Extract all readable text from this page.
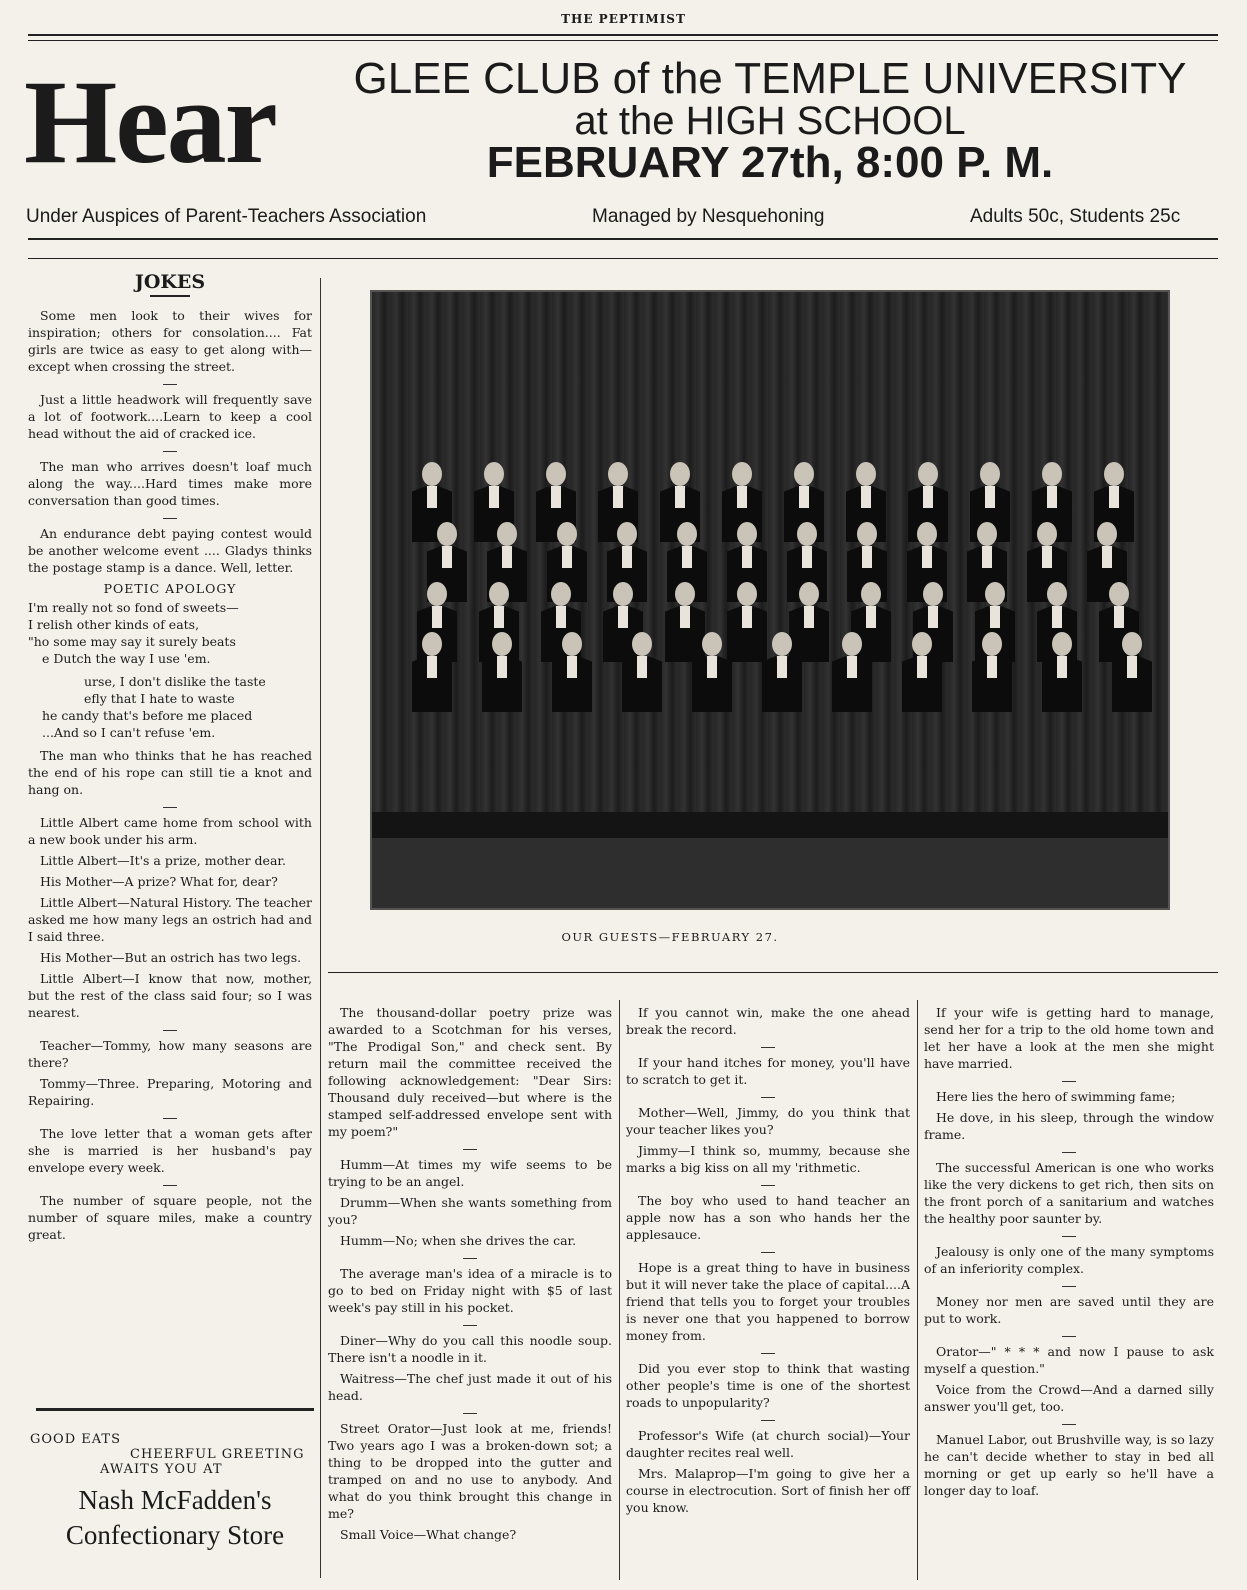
THE PEPTIMIST
Hear	GLEE CLUB of the TEMPLE UNIVERSITY
at the HIGH SCHOOL
FEBRUARY 27th, 8:00 P. M.
Under Auspices of Parent-Teachers Association	Managed by Nesquehoning	Adults 50c, Students 25c
JOKES

Some men look to their wives for inspiration; others for consolation.... Fat girls are twice as easy to get along with—except when crossing the street.

Just a little headwork will frequently save a lot of footwork....Learn to keep a cool head without the aid of cracked ice.

The man who arrives doesn't loaf much along the way....Hard times make more conversation than good times.

An endurance debt paying contest would be another welcome event .... Gladys thinks the postage stamp is a dance. Well, letter.

POETIC APOLOGY
I'm really not so fond of sweets—
I relish other kinds of eats,
"ho some may say it surely beats
e Dutch the way I use 'em.
urse, I don't dislike the taste
efly that I hate to waste
he candy that's before me placed
...And so I can't refuse 'em.

The man who thinks that he has reached the end of his rope can still tie a knot and hang on.

Little Albert came home from school with a new book under his arm.

Little Albert—It's a prize, mother dear.

His Mother—A prize? What for, dear?

Little Albert—Natural History. The teacher asked me how many legs an ostrich had and I said three.

His Mother—But an ostrich has two legs.

Little Albert—I know that now, mother, but the rest of the class said four; so I was nearest.

Teacher—Tommy, how many seasons are there?

Tommy—Three. Preparing, Motoring and Repairing.

The love letter that a woman gets after she is married is her husband's pay envelope every week.

The number of square people, not the number of square miles, make a country great.

GOOD EATS
CHEERFUL GREETING
AWAITS YOU AT
Nash McFadden's
Confectionary Store
OUR GUESTS—FEBRUARY 27.

The thousand-dollar poetry prize was awarded to a Scotchman for his verses, "The Prodigal Son," and check sent. By return mail the committee received the following acknowledgement: "Dear Sirs: Thousand duly received—but where is the stamped self-addressed envelope sent with my poem?"

Humm—At times my wife seems to be trying to be an angel.

Drumm—When she wants something from you?

Humm—No; when she drives the car.

The average man's idea of a miracle is to go to bed on Friday night with $5 of last week's pay still in his pocket.

Diner—Why do you call this noodle soup. There isn't a noodle in it.

Waitress—The chef just made it out of his head.

Street Orator—Just look at me, friends! Two years ago I was a broken-down sot; a thing to be dropped into the gutter and tramped on and no use to anybody. And what do you think brought this change in me?

Small Voice—What change?

If you cannot win, make the one ahead break the record.

If your hand itches for money, you'll have to scratch to get it.

Mother—Well, Jimmy, do you think that your teacher likes you?

Jimmy—I think so, mummy, because she marks a big kiss on all my 'rithmetic.

The boy who used to hand teacher an apple now has a son who hands her the applesauce.

Hope is a great thing to have in business but it will never take the place of capital....A friend that tells you to forget your troubles is never one that you happened to borrow money from.

Did you ever stop to think that wasting other people's time is one of the shortest roads to unpopularity?

Professor's Wife (at church social)—Your daughter recites real well.

Mrs. Malaprop—I'm going to give her a course in electrocution. Sort of finish her off you know.

If your wife is getting hard to manage, send her for a trip to the old home town and let her have a look at the men she might have married.

Here lies the hero of swimming fame;

He dove, in his sleep, through the window frame.

The successful American is one who works like the very dickens to get rich, then sits on the front porch of a sanitarium and watches the healthy poor saunter by.

Jealousy is only one of the many symptoms of an inferiority complex.

Money nor men are saved until they are put to work.

Orator—" * * * and now I pause to ask myself a question."

Voice from the Crowd—And a darned silly answer you'll get, too.

Manuel Labor, out Brushville way, is so lazy he can't decide whether to stay in bed all morning or get up early so he'll have a longer day to loaf.
